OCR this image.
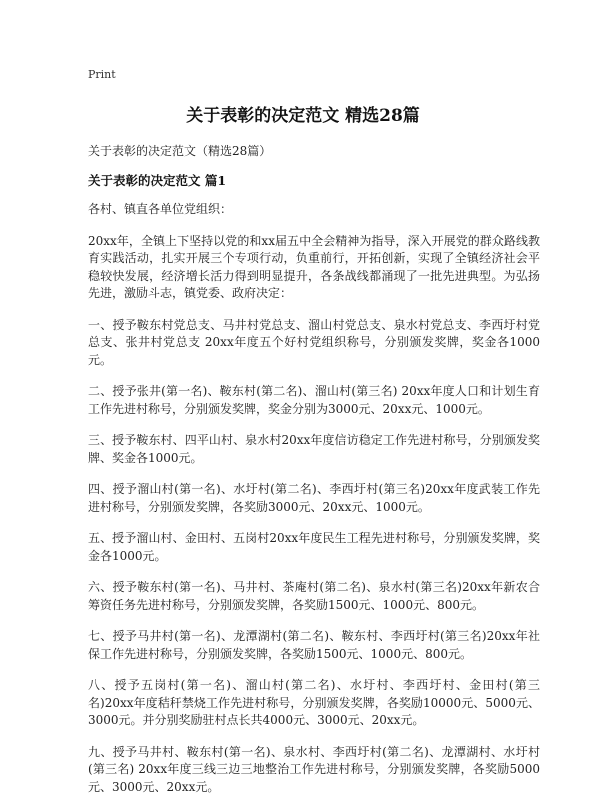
Print
关于表彰的决定范文 精选28篇

关于表彰的决定范文（精选28篇）

关于表彰的决定范文 篇1

各村、镇直各单位党组织：

20xx年，全镇上下坚持以党的和xx届五中全会精神为指导，深入开展党的群众路线教育实践活动，扎实开展三个专项行动，负重前行，开拓创新，实现了全镇经济社会平稳较快发展，经济增长活力得到明显提升，各条战线都涌现了一批先进典型。为弘扬先进，激励斗志，镇党委、政府决定：

一、授予鞍东村党总支、马井村党总支、溜山村党总支、泉水村党总支、李西圩村党总支、张井村党总支 20xx年度五个好村党组织称号，分别颁发奖牌，奖金各1000元。

二、授予张井(第一名)、鞍东村(第二名)、溜山村(第三名) 20xx年度人口和计划生育工作先进村称号，分别颁发奖牌，奖金分别为3000元、20xx元、1000元。

三、授予鞍东村、四平山村、泉水村20xx年度信访稳定工作先进村称号，分别颁发奖牌、奖金各1000元。

四、授予溜山村(第一名)、水圩村(第二名)、李西圩村(第三名)20xx年度武装工作先进村称号，分别颁发奖牌，各奖励3000元、20xx元、1000元。

五、授予溜山村、金田村、五岗村20xx年度民生工程先进村称号，分别颁发奖牌，奖金各1000元。

六、授予鞍东村(第一名)、马井村、茶庵村(第二名)、泉水村(第三名)20xx年新农合筹资任务先进村称号，分别颁发奖牌，各奖励1500元、1000元、800元。

七、授予马井村(第一名)、龙潭湖村(第二名)、鞍东村、李西圩村(第三名)20xx年社保工作先进村称号，分别颁发奖牌，各奖励1500元、1000元、800元。

八、授予五岗村(第一名)、溜山村(第二名)、水圩村、李西圩村、金田村(第三名)20xx年度秸秆禁烧工作先进村称号，分别颁发奖牌，各奖励10000元、5000元、3000元。并分别奖励驻村点长共4000元、3000元、20xx元。

九、授予马井村、鞍东村(第一名)、泉水村、李西圩村(第二名)、龙潭湖村、水圩村(第三名) 20xx年度三线三边三地整治工作先进村称号，分别颁发奖牌，各奖励5000元、3000元、20xx元。
